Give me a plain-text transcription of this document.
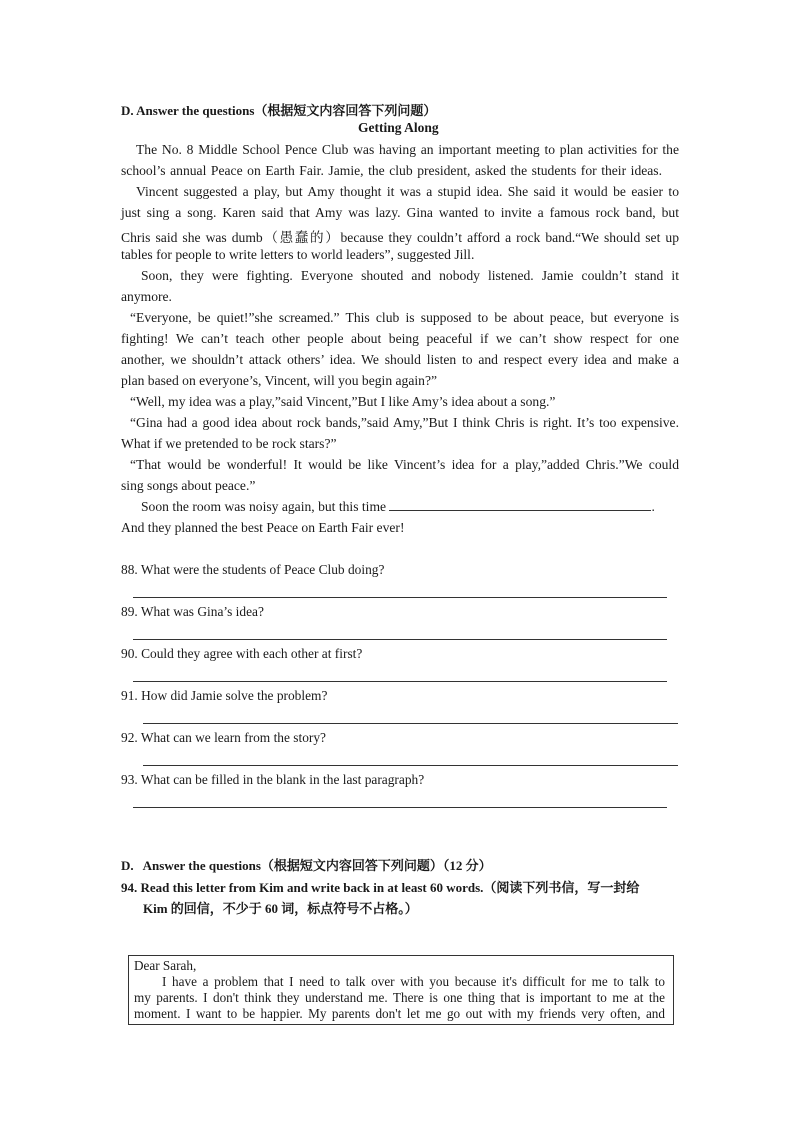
D. Answer the questions（根据短文内容回答下列问题）
Getting Along
The No. 8 Middle School Pence Club was having an important meeting to plan activities for the
school’s annual Peace on Earth Fair. Jamie, the club president, asked the students for their ideas.
Vincent suggested a play, but Amy thought it was a stupid idea. She said it would be easier to
just sing a song. Karen said that Amy was lazy. Gina wanted to invite a famous rock band, but
Chris said she was dumb（愚蠢的）because they couldn’t afford a rock band.“We should set up
tables for people to write letters to world leaders”, suggested Jill.
Soon, they were fighting. Everyone shouted and nobody listened. Jamie couldn’t stand it
anymore.
“Everyone, be quiet!”she screamed.” This club is supposed to be about peace, but everyone is
fighting! We can’t teach other people about being peaceful if we can’t show respect for one
another, we shouldn’t attack others’ idea. We should listen to and respect every idea and make a
plan based on everyone’s, Vincent, will you begin again?”
“Well, my idea was a play,”said Vincent,”But I like Amy’s idea about a song.”
“Gina had a good idea about rock bands,”said Amy,”But I think Chris is right. It’s too expensive.
What if we pretended to be rock stars?”
“That would be wonderful! It would be like Vincent’s idea for a play,”added Chris.”We could
sing songs about peace.”
Soon the room was noisy again, but this time	.
And they planned the best Peace on Earth Fair ever!
88. What were the students of Peace Club doing?
89. What was Gina’s idea?
90. Could they agree with each other at first?
91. How did Jamie solve the problem?
92. What can we learn from the story?
93. What can be filled in the blank in the last paragraph?
D.   Answer the questions（根据短文内容回答下列问题）（12 分）
94. Read this letter from Kim and write back in at least 60 words.（阅读下列书信，写一封给
Kim 的回信，不少于 60 词，标点符号不占格。）
Dear Sarah,
I have a problem that I need to talk over with you because it's difficult for me to talk to
my parents. I don't think they understand me. There is one thing that is important to me at the
moment. I want to be happier. My parents don't let me go out with my friends very often, and
